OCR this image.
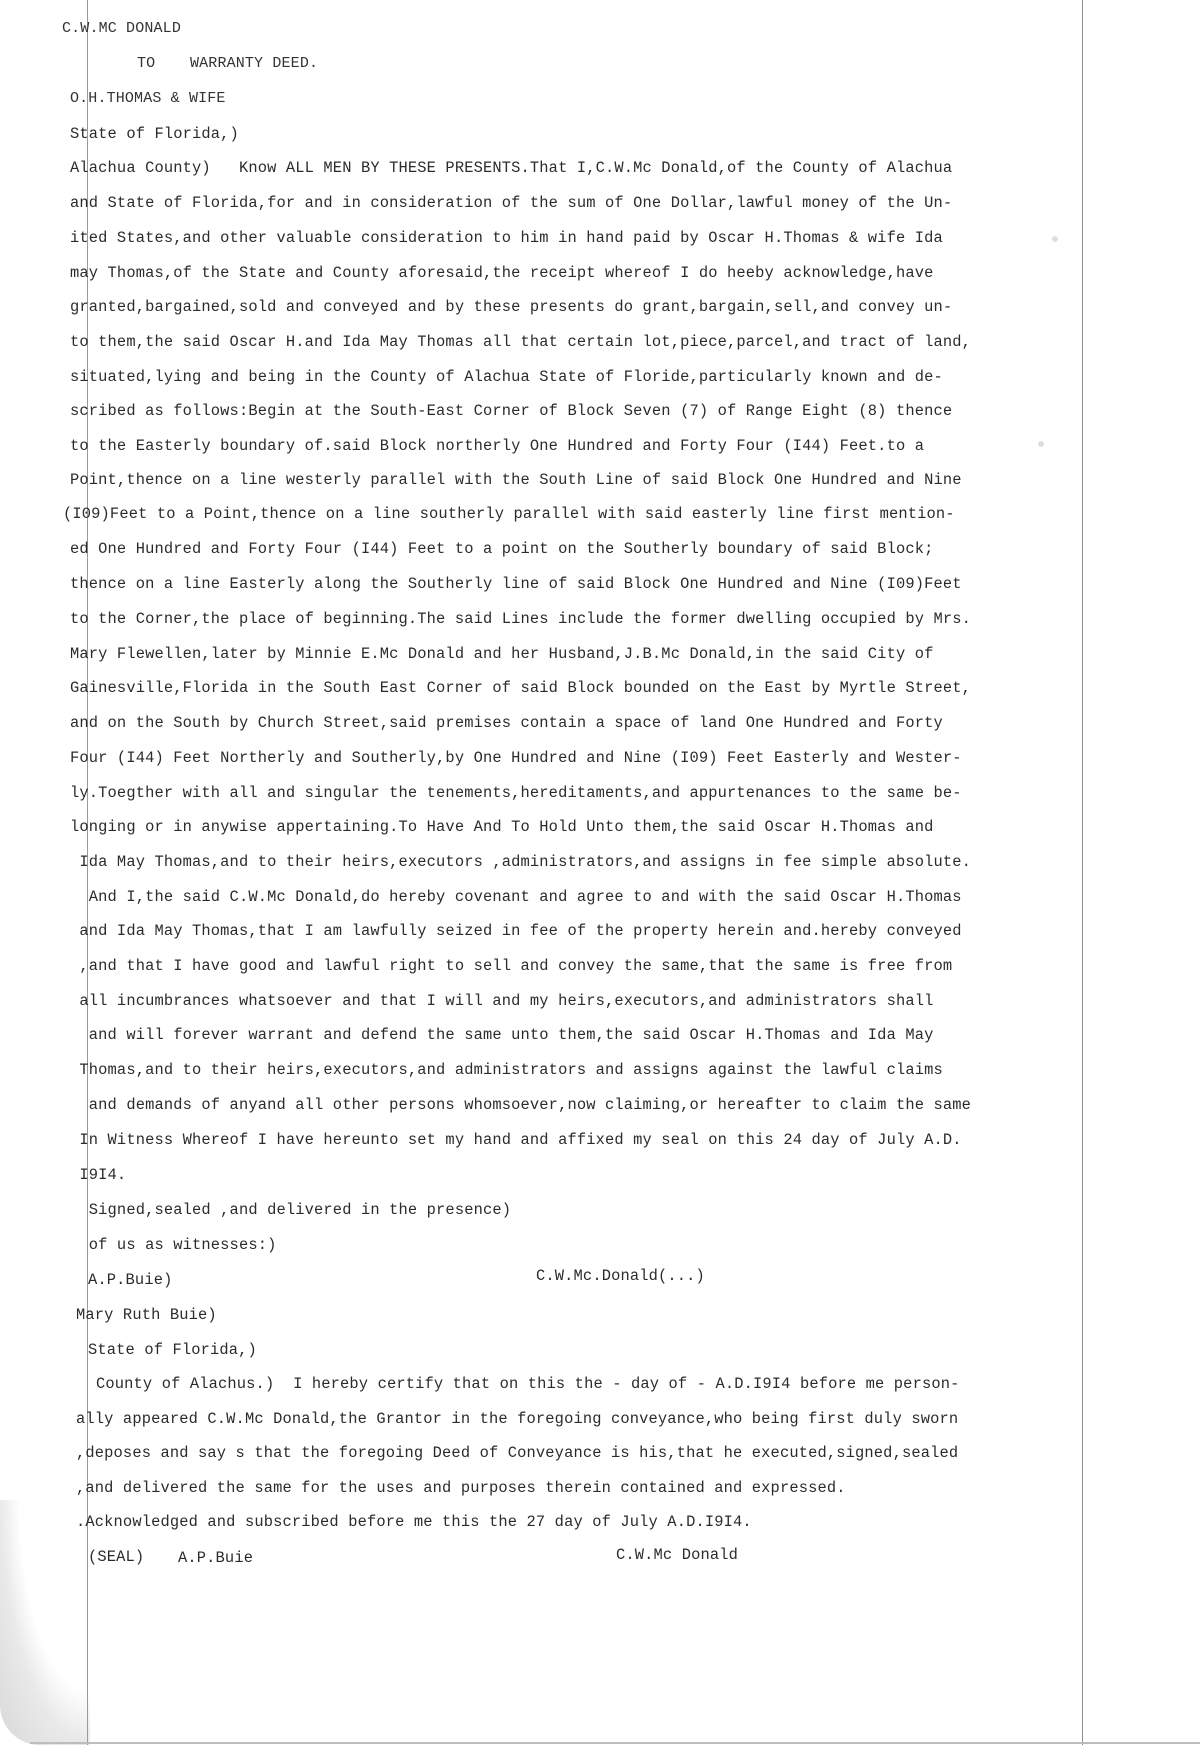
C.W.MC DONALD
TO WARRANTY DEED.
O.H.THOMAS & WIFE
State of Florida,)
Alachua County)   Know ALL MEN BY THESE PRESENTS.That I,C.W.Mc Donald,of the County of Alachua
and State of Florida,for and in consideration of the sum of One Dollar,lawful money of the Un-
ited States,and other valuable consideration to him in hand paid by Oscar H.Thomas & wife Ida
may Thomas,of the State and County aforesaid,the receipt whereof I do heeby acknowledge,have
granted,bargained,sold and conveyed and by these presents do grant,bargain,sell,and convey un-
to them,the said Oscar H.and Ida May Thomas all that certain lot,piece,parcel,and tract of land,
situated,lying and being in the County of Alachua State of Floride,particularly known and de-
scribed as follows:Begin at the South-East Corner of Block Seven (7) of Range Eight (8) thence
to the Easterly boundary of.said Block northerly One Hundred and Forty Four (I44) Feet.to a
Point,thence on a line westerly parallel with the South Line of said Block One Hundred and Nine
(I09)Feet to a Point,thence on a line southerly parallel with said easterly line first mention-
ed One Hundred and Forty Four (I44) Feet to a point on the Southerly boundary of said Block;
thence on a line Easterly along the Southerly line of said Block One Hundred and Nine (I09)Feet
to the Corner,the place of beginning.The said Lines include the former dwelling occupied by Mrs.
Mary Flewellen,later by Minnie E.Mc Donald and her Husband,J.B.Mc Donald,in the said City of
Gainesville,Florida in the South East Corner of said Block bounded on the East by Myrtle Street,
and on the South by Church Street,said premises contain a space of land One Hundred and Forty
Four (I44) Feet Northerly and Southerly,by One Hundred and Nine (I09) Feet Easterly and Wester-
ly.Toegther with all and singular the tenements,hereditaments,and appurtenances to the same be-
longing or in anywise appertaining.To Have And To Hold Unto them,the said Oscar H.Thomas and
Ida May Thomas,and to their heirs,executors ,administrators,and assigns in fee simple absolute.
And I,the said C.W.Mc Donald,do hereby covenant and agree to and with the said Oscar H.Thomas
and Ida May Thomas,that I am lawfully seized in fee of the property herein and.hereby conveyed
,and that I have good and lawful right to sell and convey the same,that the same is free from
all incumbrances whatsoever and that I will and my heirs,executors,and administrators shall
and will forever warrant and defend the same unto them,the said Oscar H.Thomas and Ida May
Thomas,and to their heirs,executors,and administrators and assigns against the lawful claims
and demands of anyand all other persons whomsoever,now claiming,or hereafter to claim the same
In Witness Whereof I have hereunto set my hand and affixed my seal on this 24 day of July A.D.
I9I4.
Signed,sealed ,and delivered in the presence)
of us as witnesses:)
A.P.Buie)	C.W.Mc.Donald(...)
Mary Ruth Buie)
State of Florida,)
County of Alachus.)  I hereby certify that on this the - day of - A.D.I9I4 before me person-
ally appeared C.W.Mc Donald,the Grantor in the foregoing conveyance,who being first duly sworn
,deposes and say s that the foregoing Deed of Conveyance is his,that he executed,signed,sealed
,and delivered the same for the uses and purposes therein contained and expressed.
.Acknowledged and subscribed before me this the 27 day of July A.D.I9I4.
(SEAL) A.P.Buie	C.W.Mc Donald
